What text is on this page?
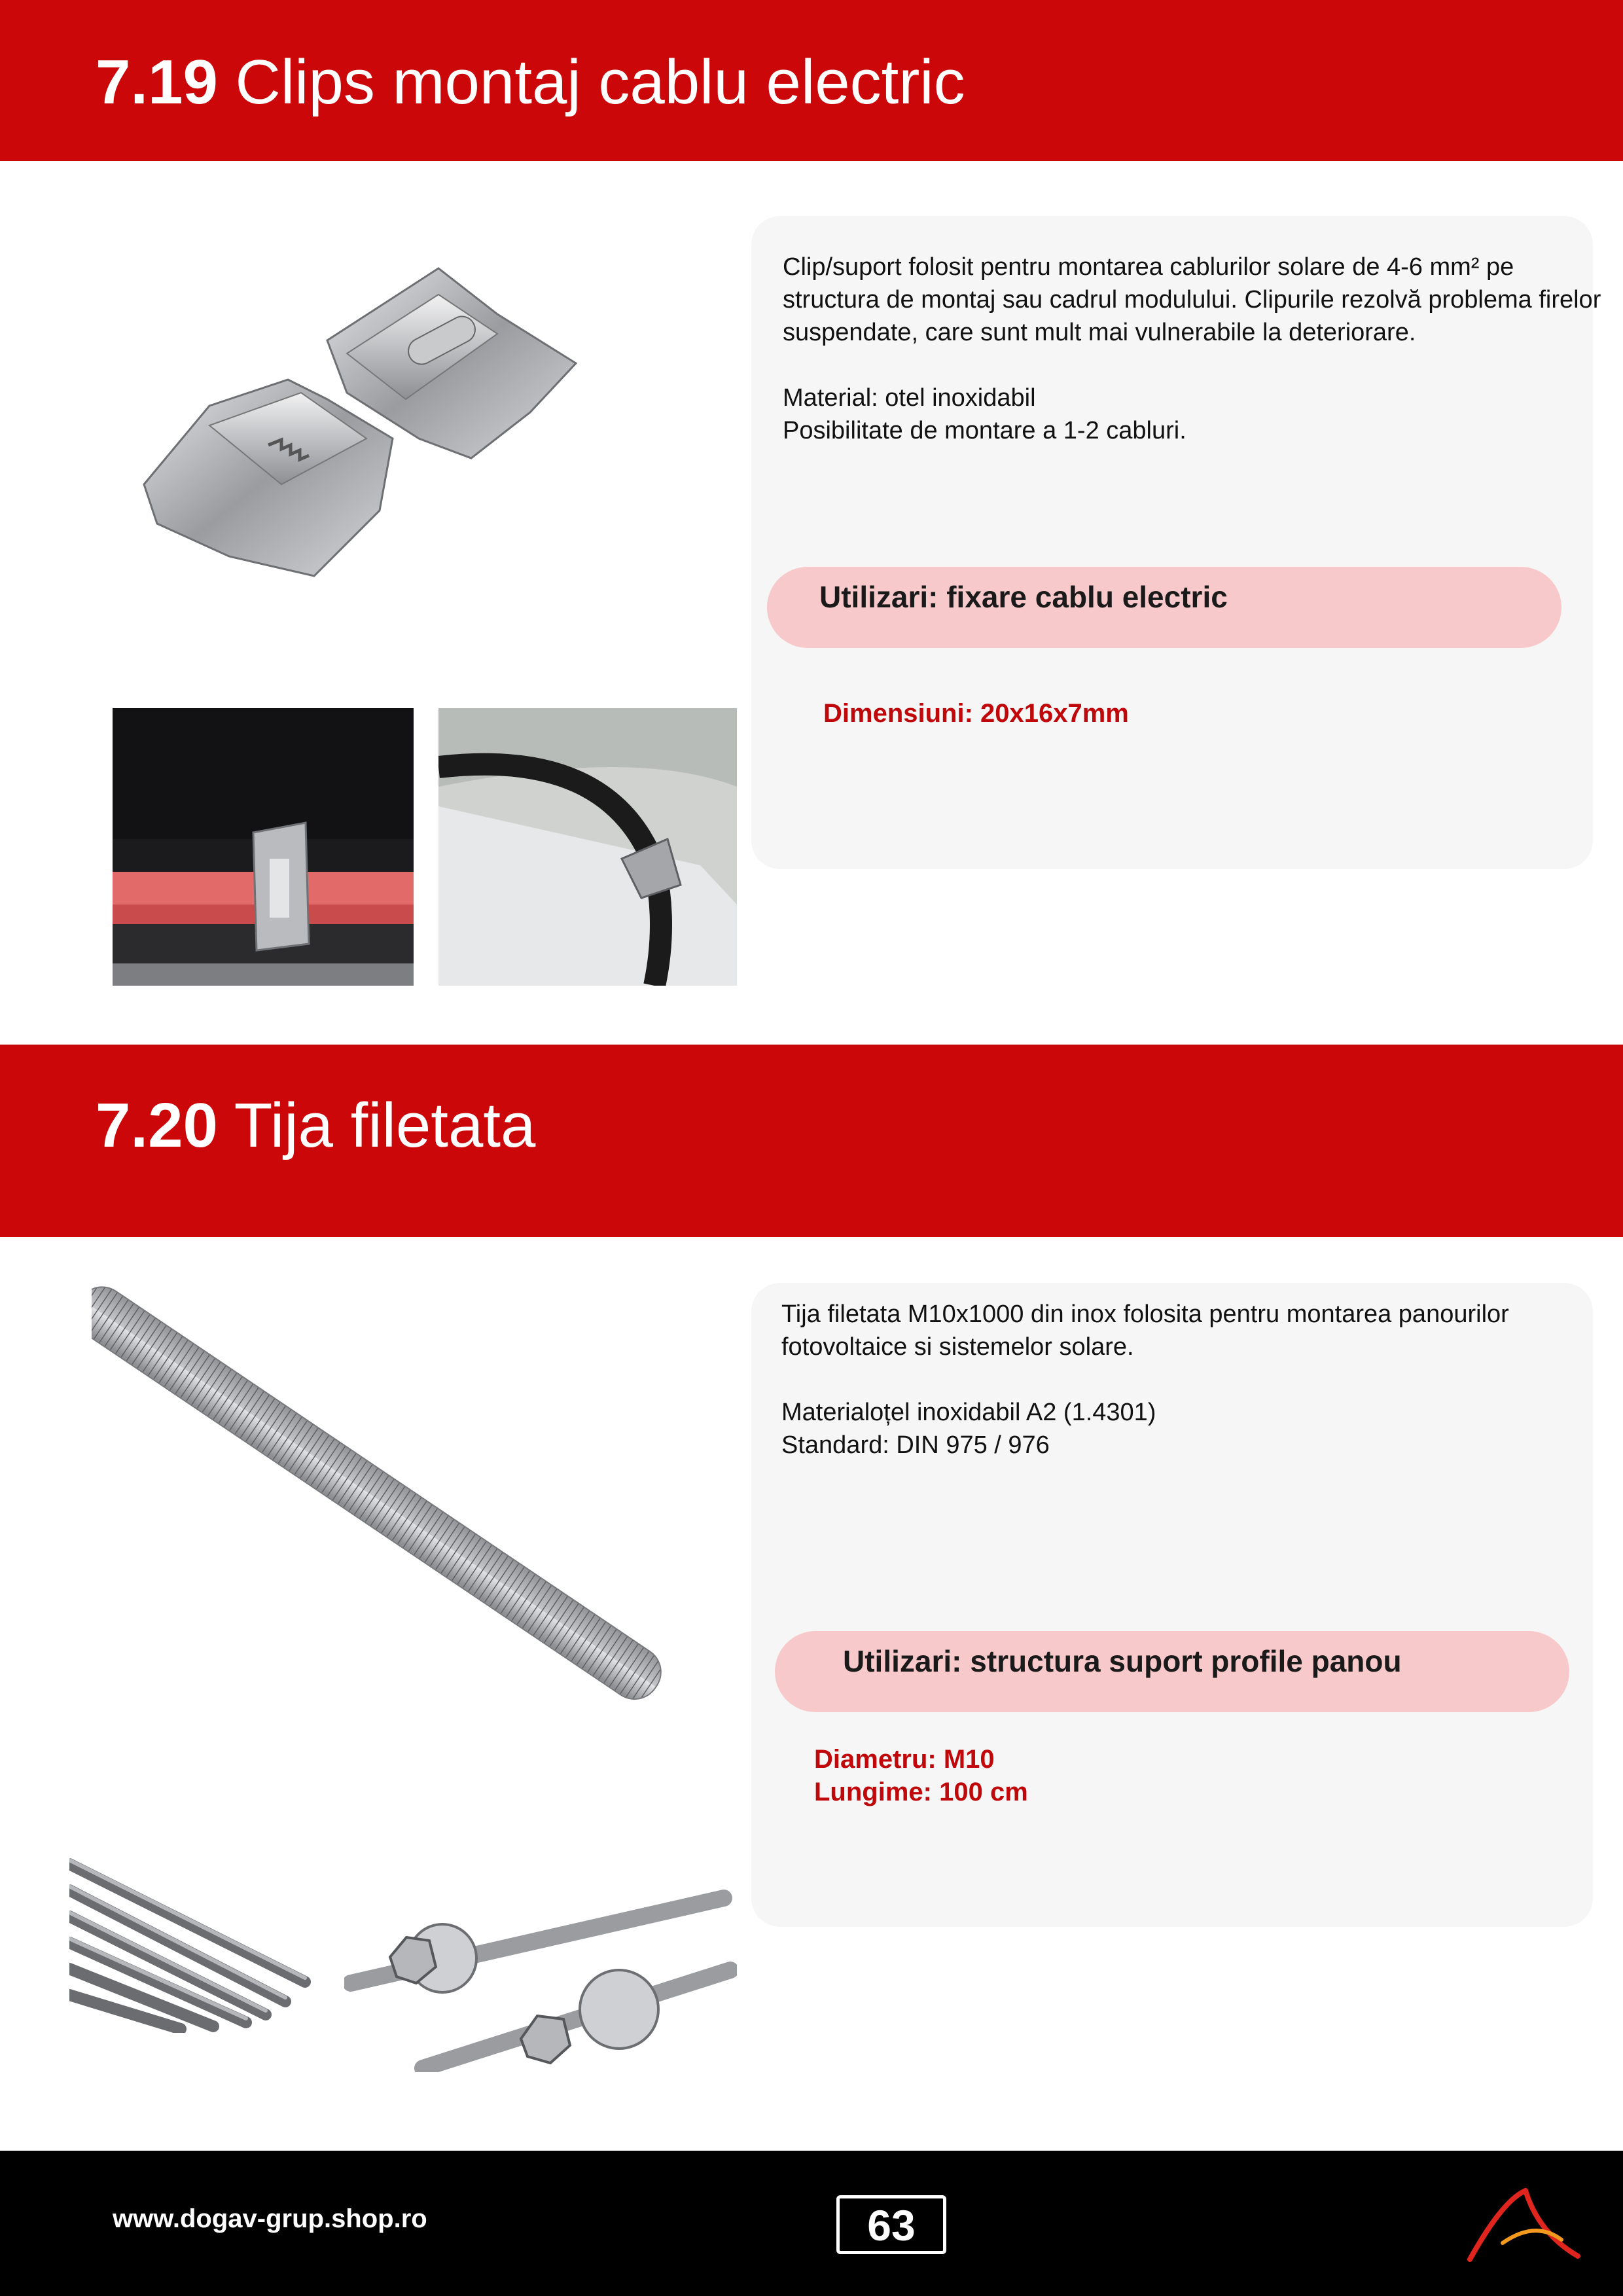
7.19 Clips montaj cablu electric
Clip/suport folosit pentru montarea cablurilor solare de 4-6 mm² pe structura de montaj sau cadrul modulului. Clipurile rezolvă problema firelor suspendate, care sunt mult mai vulnerabile la deteriorare.

Material: otel inoxidabil
Posibilitate de montare a 1-2 cabluri.
Utilizari: fixare cablu electric
Dimensiuni: 20x16x7mm
7.20 Tija filetata
Tija filetata M10x1000 din inox folosita pentru montarea panourilor fotovoltaice si sistemelor solare.

Materialoțel inoxidabil A2 (1.4301)
Standard: DIN 975 / 976
Utilizari: structura suport profile panou
Diametru: M10
Lungime: 100 cm
www.dogav-grup.shop.ro	63
